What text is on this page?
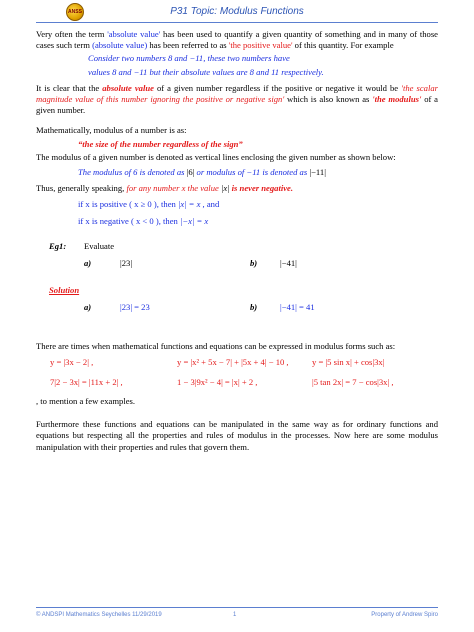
ANSS	P31 Topic: Modulus Functions

Very often the term 'absolute value' has been used to quantify a given quantity of something and in many of those cases such term (absolute value) has been referred to as 'the positive value' of this quantity. For example

Consider two numbers 8 and −11, these two numbers have

values 8 and −11 but their absolute values are 8 and 11 respectively.

It is clear that the absolute value of a given number regardless if the positive or negative it would be 'the scalar magnitude value of this number ignoring the positive or negative sign' which is also known as 'the modulus' of a given number.

Mathematically, modulus of a number is as:

“the size of the number regardless of the sign”

The modulus of a given number is denoted as vertical lines enclosing the given number as shown below:

The modulus of 6 is denoted as |6| or modulus of −11 is denoted as |−11|

Thus, generally speaking, for any number x the value |x| is never negative.

if x is positive ( x ≥ 0 ), then |x| = x , and

if x is negative ( x < 0 ), then |−x| = x

Eg1: Evaluate
a)	|23|	b)	|−41|
Solution
a)	|23| = 23	b)	|−41| = 41

There are times when mathematical functions and equations can be expressed in modulus forms such as:

y = |3x − 2| ,	y = |x² + 5x − 7| + |5x + 4| − 10 ,	y = |5 sin x| + cos|3x|
7|2 − 3x| = |11x + 2| ,	1 − 3|9x² − 4| = |x| + 2 ,	|5 tan 2x| = 7 − cos|3x| ,

, to mention a few examples.

Furthermore these functions and equations can be manipulated in the same way as for ordinary functions and equations but respecting all the properties and rules of modulus in the processes. Now here are some modulus manipulation with their properties and rules that govern them.

© ANDSPI Mathematics Seychelles 11/29/2019	1	Property of Andrew Spiro
